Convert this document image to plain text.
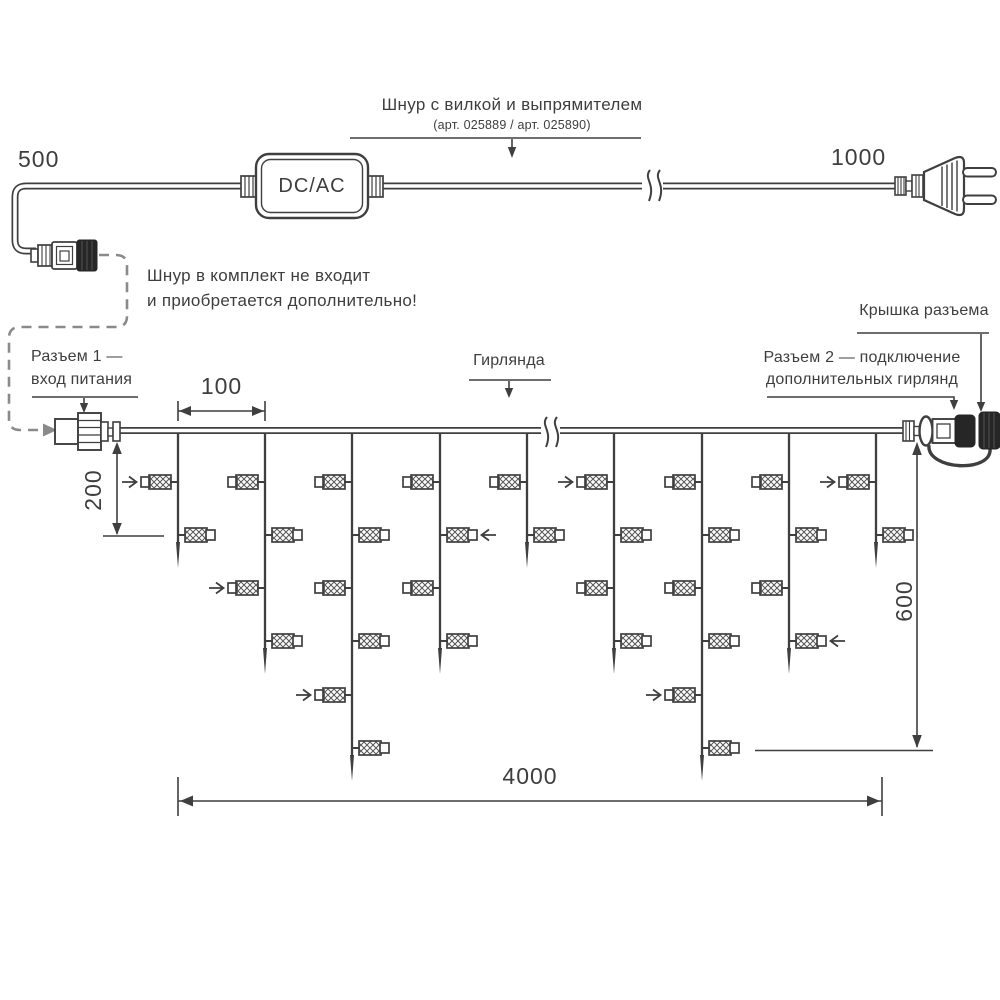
500	1000
DC/AC
Шнур с вилкой и выпрямителем
(арт. 025889 / арт. 025890)
Шнур в комплект не входит
и приобретается дополнительно!
Разъем 1 —
вход питания
Гирлянда
Крышка разъема
Разъем 2 — подключение
дополнительных гирлянд
100
200
600
4000
